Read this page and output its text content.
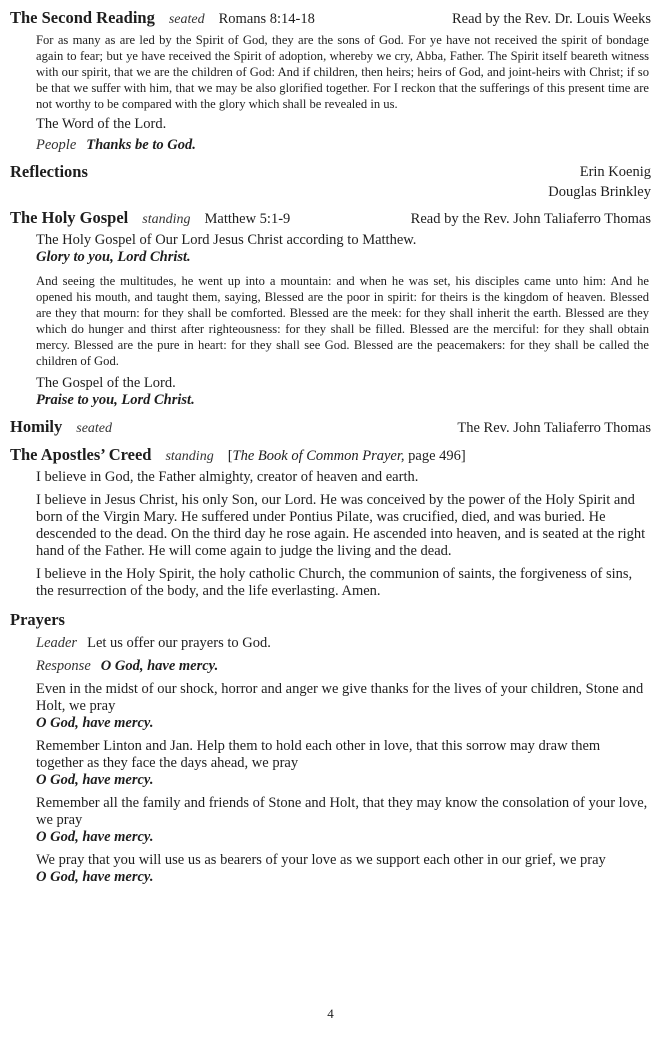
The Second Reading seated Romans 8:14-18	Read by the Rev. Dr. Louis Weeks

For as many as are led by the Spirit of God, they are the sons of God. For ye have not received the spirit of bondage again to fear; but ye have received the Spirit of adoption, whereby we cry, Abba, Father. The Spirit itself beareth witness with our spirit, that we are the children of God: And if children, then heirs; heirs of God, and joint-heirs with Christ; if so be that we suffer with him, that we may be also glorified together. For I reckon that the sufferings of this present time are not worthy to be compared with the glory which shall be revealed in us.

The Word of the Lord.
People Thanks be to God.
Reflections	Erin Koenig
Douglas Brinkley
The Holy Gospel standing Matthew 5:1-9	Read by the Rev. John Taliaferro Thomas
The Holy Gospel of Our Lord Jesus Christ according to Matthew.
Glory to you, Lord Christ.

And seeing the multitudes, he went up into a mountain: and when he was set, his disciples came unto him: And he opened his mouth, and taught them, saying, Blessed are the poor in spirit: for theirs is the kingdom of heaven. Blessed are they that mourn: for they shall be comforted. Blessed are the meek: for they shall inherit the earth. Blessed are they which do hunger and thirst after righteousness: for they shall be filled. Blessed are the merciful: for they shall obtain mercy. Blessed are the pure in heart: for they shall see God. Blessed are the peacemakers: for they shall be called the children of God.

The Gospel of the Lord.
Praise to you, Lord Christ.
Homily seated	The Rev. John Taliaferro Thomas
The Apostles’ Creed standing [The Book of Common Prayer, page 496]
I believe in God, the Father almighty, creator of heaven and earth.
I believe in Jesus Christ, his only Son, our Lord. He was conceived by the power of the Holy Spirit and born of the Virgin Mary. He suffered under Pontius Pilate, was crucified, died, and was buried. He descended to the dead. On the third day he rose again. He ascended into heaven, and is seated at the right hand of the Father. He will come again to judge the living and the dead.
I believe in the Holy Spirit, the holy catholic Church, the communion of saints, the forgiveness of sins, the resurrection of the body, and the life everlasting. Amen.
Prayers
Leader Let us offer our prayers to God.
Response O God, have mercy.
Even in the midst of our shock, horror and anger we give thanks for the lives of your children, Stone and Holt, we pray
O God, have mercy.
Remember Linton and Jan. Help them to hold each other in love, that this sorrow may draw them together as they face the days ahead, we pray
O God, have mercy.
Remember all the family and friends of Stone and Holt, that they may know the consolation of your love, we pray
O God, have mercy.
We pray that you will use us as bearers of your love as we support each other in our grief, we pray
O God, have mercy.
4
